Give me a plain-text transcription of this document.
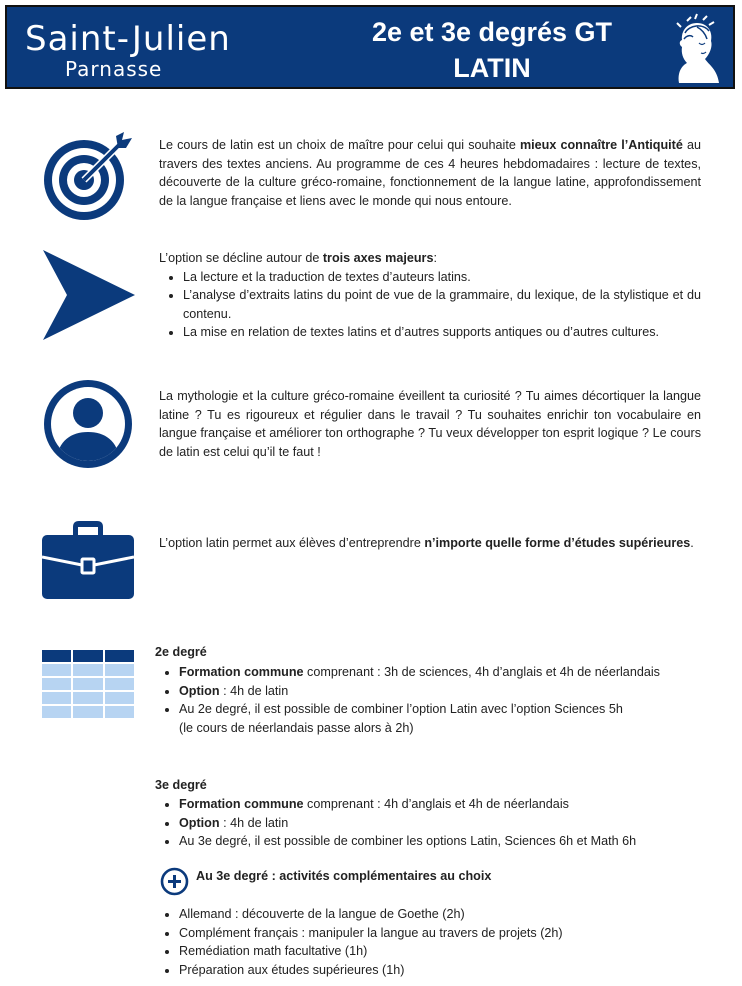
Saint-Julien
Parnasse
2e et 3e degrés GT
LATIN
Le cours de latin est un choix de maître pour celui qui souhaite mieux connaître l’Antiquité au travers des textes anciens. Au programme de ces 4 heures hebdomadaires : lecture de textes, découverte de la culture gréco-romaine, fonctionnement de la langue latine, approfondissement de la langue française et liens avec le monde qui nous entoure.
L’option se décline autour de trois axes majeurs:
• La lecture et la traduction de textes d’auteurs latins.
• L’analyse d’extraits latins du point de vue de la grammaire, du lexique, de la stylistique et du contenu.
• La mise en relation de textes latins et d’autres supports antiques ou d’autres cultures.
La mythologie et la culture gréco-romaine éveillent ta curiosité ? Tu aimes décortiquer la langue latine ? Tu es rigoureux et régulier dans le travail ? Tu souhaites enrichir ton vocabulaire en langue française et améliorer ton orthographe ? Tu veux développer ton esprit logique ? Le cours de latin est celui qu’il te faut !
L’option latin permet aux élèves d’entreprendre n’importe quelle forme d’études supérieures.
2e degré
• Formation commune comprenant : 3h de sciences, 4h d’anglais et 4h de néerlandais
• Option : 4h de latin
• Au 2e degré, il est possible de combiner l’option Latin avec l’option Sciences 5h
(le cours de néerlandais passe alors à 2h)
3e degré
• Formation commune comprenant : 4h d’anglais et 4h de néerlandais
• Option : 4h de latin
• Au 3e degré, il est possible de combiner les options Latin, Sciences 6h et Math 6h
Au 3e degré : activités complémentaires au choix
• Allemand : découverte de la langue de Goethe (2h)
• Complément français : manipuler la langue au travers de projets (2h)
• Remédiation math facultative (1h)
• Préparation aux études supérieures (1h)
